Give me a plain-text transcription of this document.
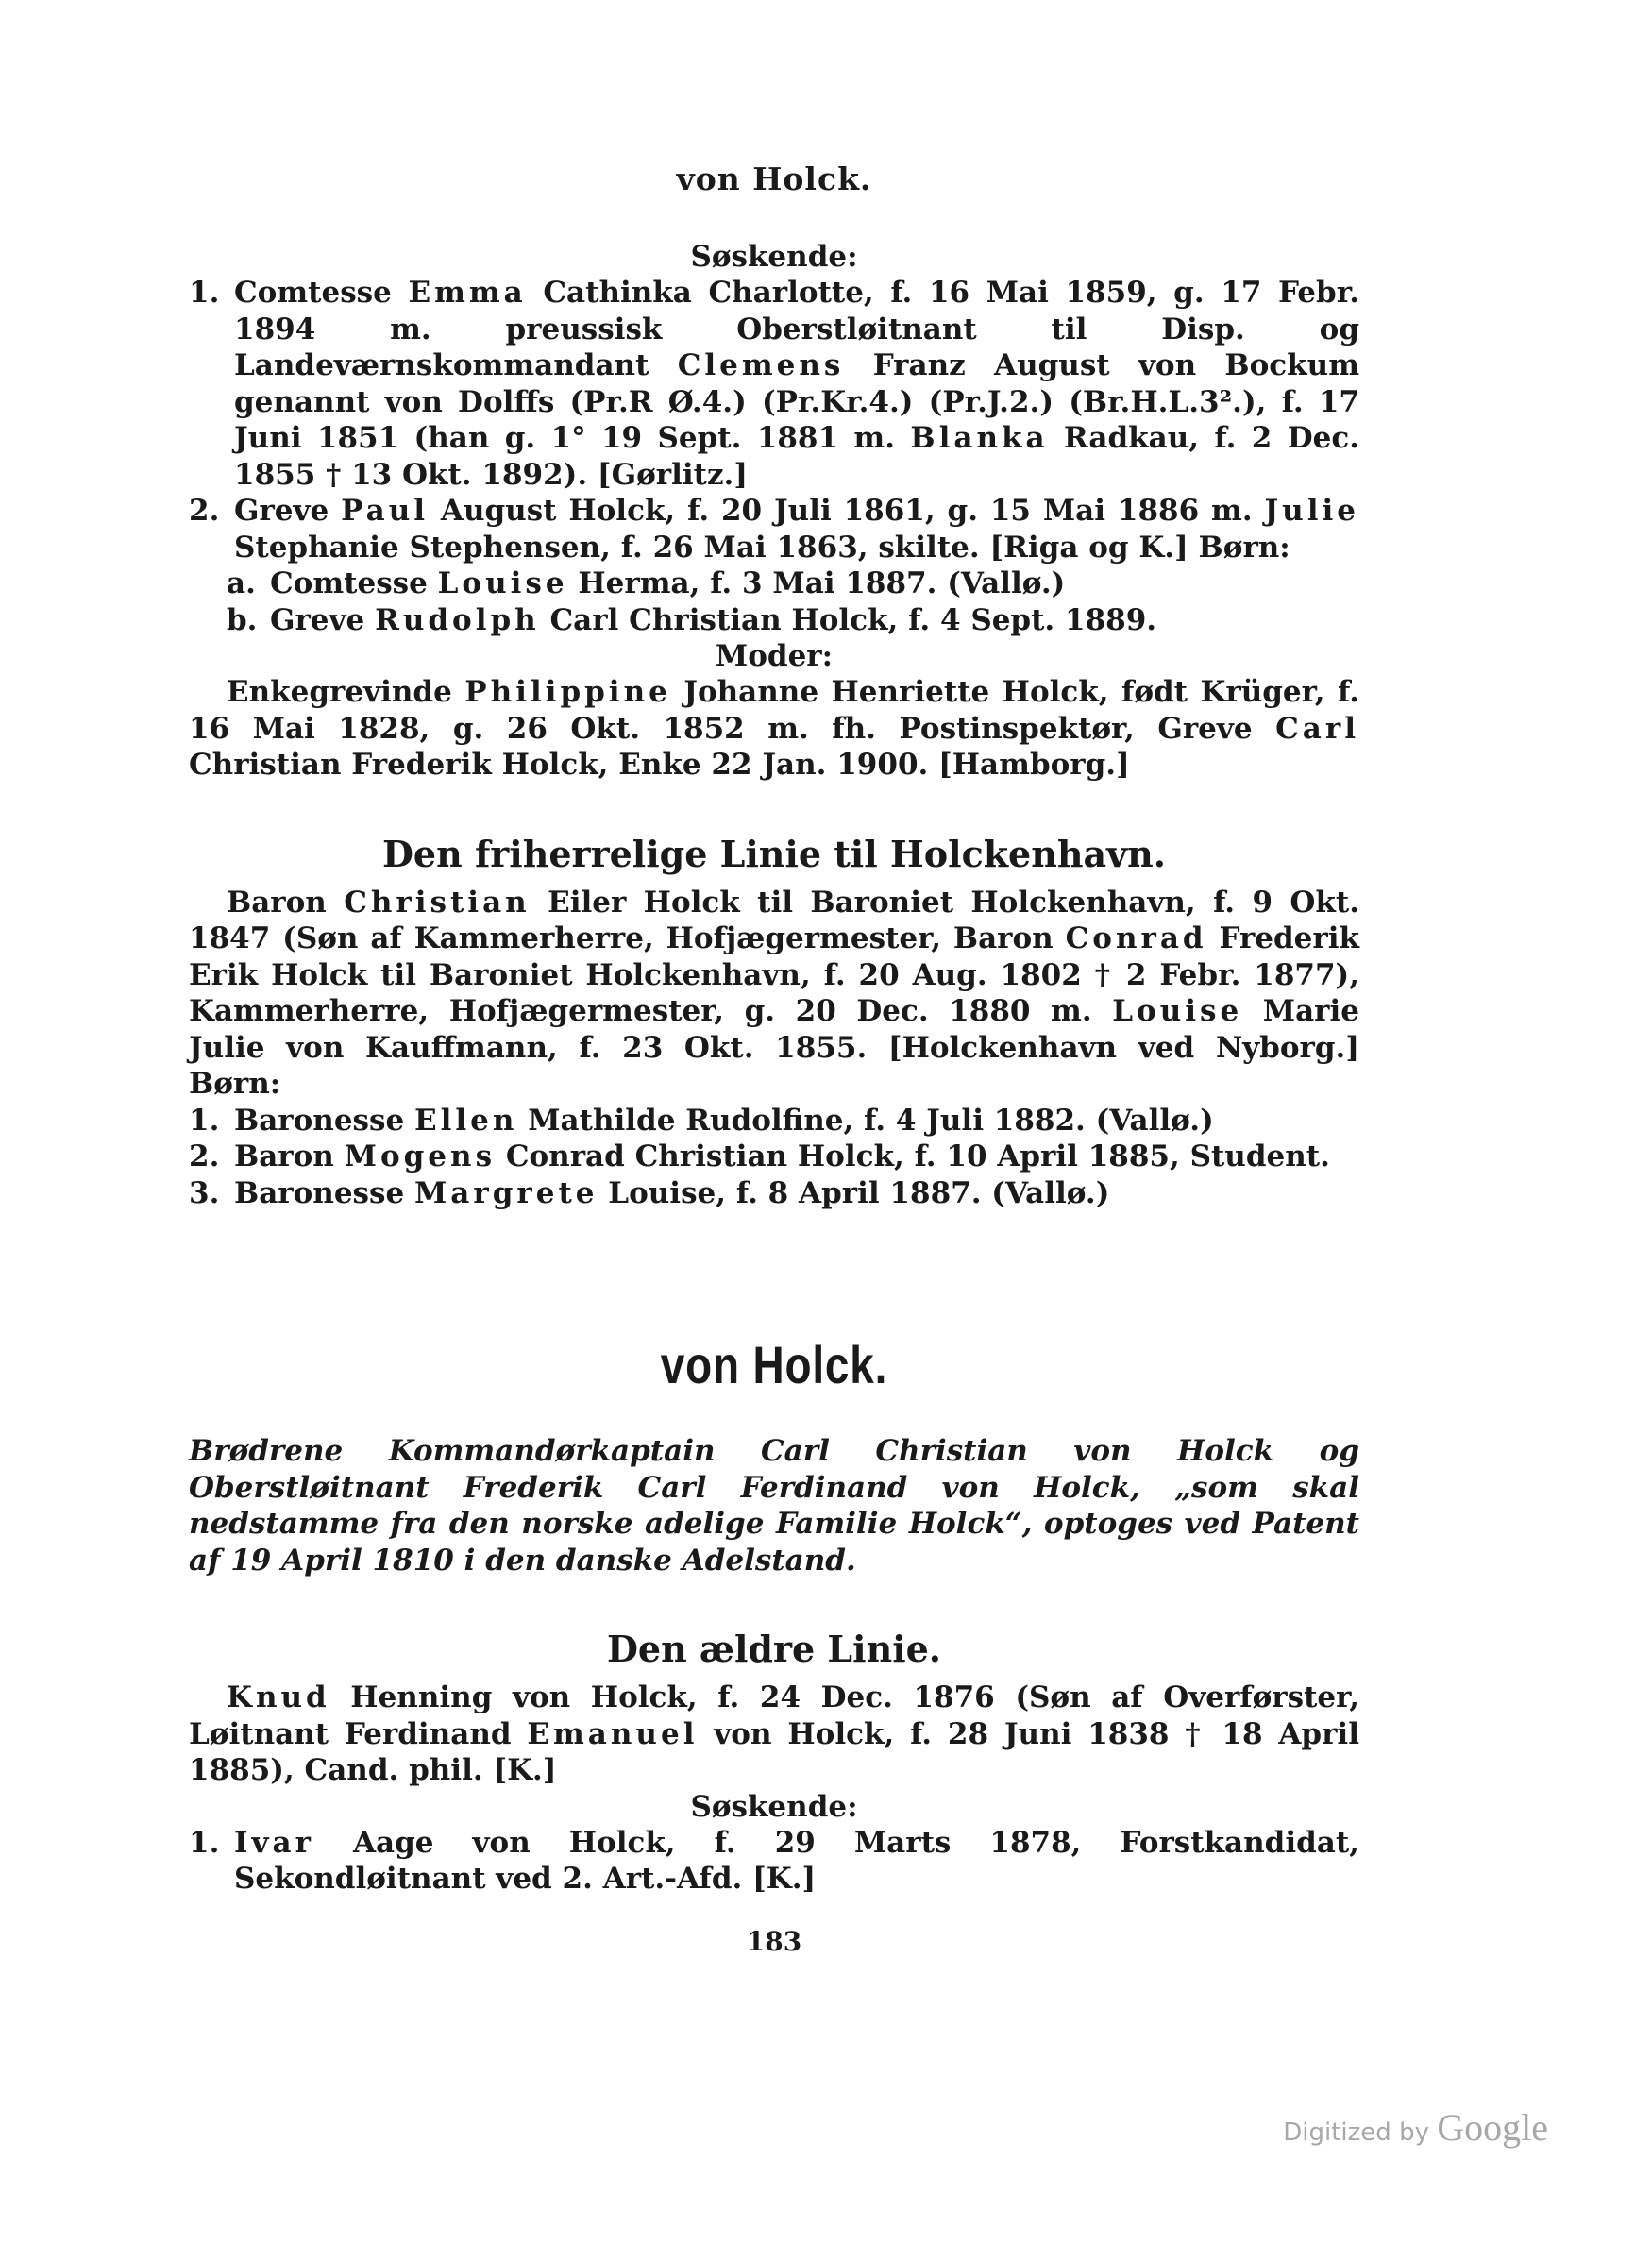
von Holck.
Søskende:
1. Comtesse Emma Cathinka Charlotte, f. 16 Mai 1859, g. 17 Febr. 1894 m. preussisk Oberstløitnant til Disp. og Landeværnskommandant Clemens Franz August von Bockum genannt von Dolffs (Pr.R Ø.4.) (Pr.Kr.4.) (Pr.J.2.) (Br.H.L.3².), f. 17 Juni 1851 (han g. 1° 19 Sept. 1881 m. Blanka Radkau, f. 2 Dec. 1855 † 13 Okt. 1892). [Gørlitz.]
2. Greve Paul August Holck, f. 20 Juli 1861, g. 15 Mai 1886 m. Julie Stephanie Stephensen, f. 26 Mai 1863, skilte. [Riga og K.] Børn:
a. Comtesse Louise Herma, f. 3 Mai 1887. (Vallø.)
b. Greve Rudolph Carl Christian Holck, f. 4 Sept. 1889.
Moder:
Enkegrevinde Philippine Johanne Henriette Holck, født Krüger, f. 16 Mai 1828, g. 26 Okt. 1852 m. fh. Postinspektør, Greve Carl Christian Frederik Holck, Enke 22 Jan. 1900. [Hamborg.]
Den friherrelige Linie til Holckenhavn.
Baron Christian Eiler Holck til Baroniet Holckenhavn, f. 9 Okt. 1847 (Søn af Kammerherre, Hofjægermester, Baron Conrad Frederik Erik Holck til Baroniet Holckenhavn, f. 20 Aug. 1802 † 2 Febr. 1877), Kammerherre, Hofjægermester, g. 20 Dec. 1880 m. Louise Marie Julie von Kauffmann, f. 23 Okt. 1855. [Holckenhavn ved Nyborg.] Børn:
1. Baronesse Ellen Mathilde Rudolfine, f. 4 Juli 1882. (Vallø.)
2. Baron Mogens Conrad Christian Holck, f. 10 April 1885, Student.
3. Baronesse Margrete Louise, f. 8 April 1887. (Vallø.)
von Holck.
Brødrene Kommandørkaptain Carl Christian von Holck og Oberstløitnant Frederik Carl Ferdinand von Holck, „som skal nedstamme fra den norske adelige Familie Holck“, optoges ved Patent af 19 April 1810 i den danske Adelstand.
Den ældre Linie.
Knud Henning von Holck, f. 24 Dec. 1876 (Søn af Overførster, Løitnant Ferdinand Emanuel von Holck, f. 28 Juni 1838 † 18 April 1885), Cand. phil. [K.]
Søskende:
1. Ivar Aage von Holck, f. 29 Marts 1878, Forstkandidat, Sekondløitnant ved 2. Art.-Afd. [K.]
183
Digitized by Google
